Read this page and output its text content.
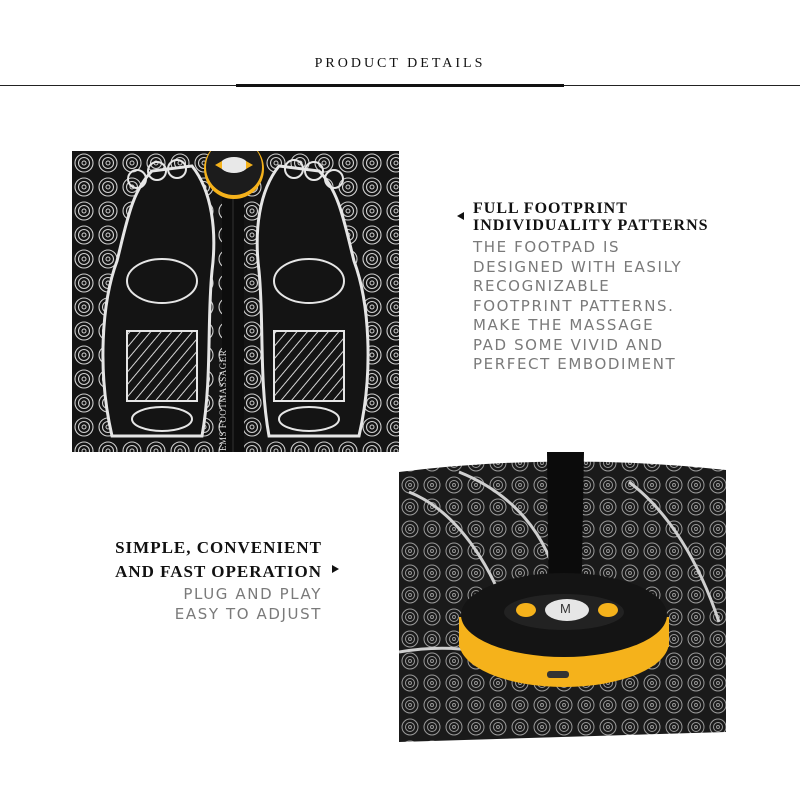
PRODUCT DETAILS
EMS FOOTMASSAGER
M
FULL FOOTPRINT
INDIVIDUALITY PATTERNS
THE FOOTPAD IS
DESIGNED WITH EASILY
RECOGNIZABLE
FOOTPRINT PATTERNS.
MAKE THE MASSAGE
PAD SOME VIVID AND
PERFECT EMBODIMENT
SIMPLE, CONVENIENT
AND FAST OPERATION
PLUG AND PLAY
EASY TO ADJUST
